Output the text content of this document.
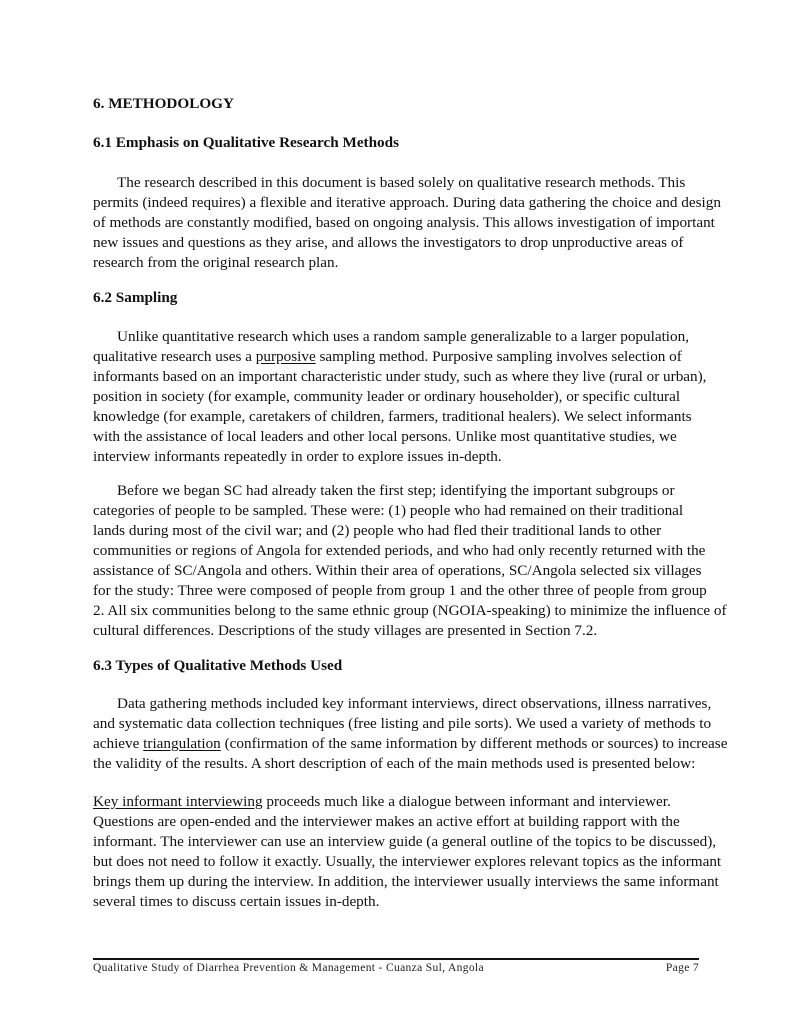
6. METHODOLOGY
6.1 Emphasis on Qualitative Research Methods
The research described in this document is based solely on qualitative research methods. This
permits (indeed requires) a flexible and iterative approach. During data gathering the choice and design
of methods are constantly modified, based on ongoing analysis. This allows investigation of important
new issues and questions as they arise, and allows the investigators to drop unproductive areas of
research from the original research plan.
6.2 Sampling
Unlike quantitative research which uses a random sample generalizable to a larger population,
qualitative research uses a purposive sampling method. Purposive sampling involves selection of
informants based on an important characteristic under study, such as where they live (rural or urban),
position in society (for example, community leader or ordinary householder), or specific cultural
knowledge (for example, caretakers of children, farmers, traditional healers). We select informants
with the assistance of local leaders and other local persons. Unlike most quantitative studies, we
interview informants repeatedly in order to explore issues in-depth.
Before we began SC had already taken the first step; identifying the important subgroups or
categories of people to be sampled. These were: (1) people who had remained on their traditional
lands during most of the civil war; and (2) people who had fled their traditional lands to other
communities or regions of Angola for extended periods, and who had only recently returned with the
assistance of SC/Angola and others. Within their area of operations, SC/Angola selected six villages
for the study: Three were composed of people from group 1 and the other three of people from group
2. All six communities belong to the same ethnic group (NGOIA-speaking) to minimize the influence of
cultural differences. Descriptions of the study villages are presented in Section 7.2.
6.3 Types of Qualitative Methods Used
Data gathering methods included key informant interviews, direct observations, illness narratives,
and systematic data collection techniques (free listing and pile sorts). We used a variety of methods to
achieve triangulation (confirmation of the same information by different methods or sources) to increase
the validity of the results. A short description of each of the main methods used is presented below:
Key informant interviewing proceeds much like a dialogue between informant and interviewer.
Questions are open-ended and the interviewer makes an active effort at building rapport with the
informant. The interviewer can use an interview guide (a general outline of the topics to be discussed),
but does not need to follow it exactly. Usually, the interviewer explores relevant topics as the informant
brings them up during the interview. In addition, the interviewer usually interviews the same informant
several times to discuss certain issues in-depth.
Qualitative Study of Diarrhea Prevention & Management - Cuanza Sul, Angola	Page 7
